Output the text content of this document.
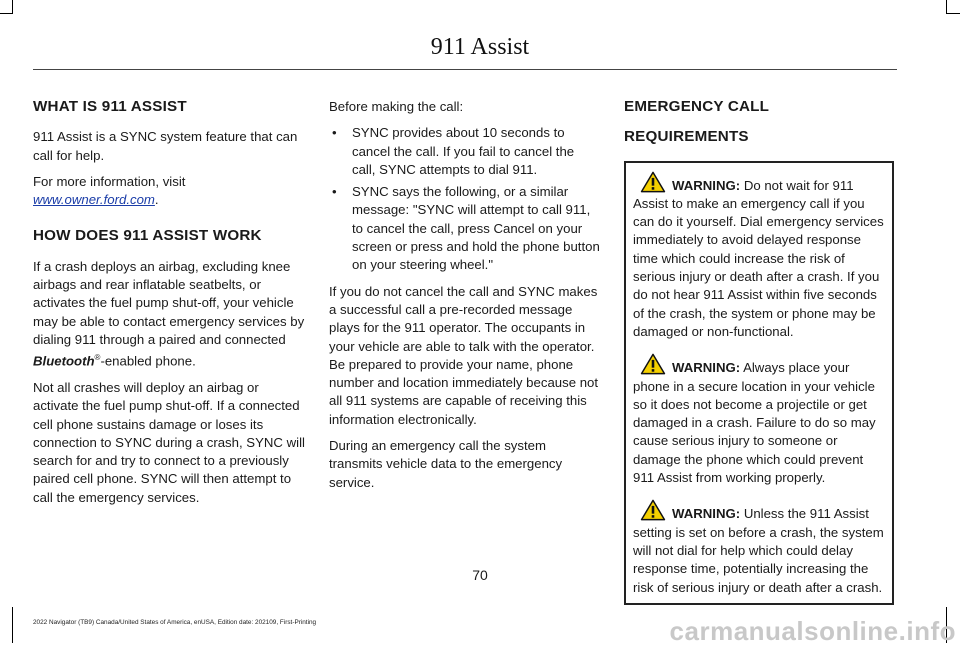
911 Assist
WHAT IS 911 ASSIST

911 Assist is a SYNC system feature that can call for help.

For more information, visit www.owner.ford.com.

HOW DOES 911 ASSIST WORK

If a crash deploys an airbag, excluding knee airbags and rear inflatable seatbelts, or activates the fuel pump shut-off, your vehicle may be able to contact emergency services by dialing 911 through a paired and connected Bluetooth®-enabled phone.

Not all crashes will deploy an airbag or activate the fuel pump shut-off. If a connected cell phone sustains damage or loses its connection to SYNC during a crash, SYNC will search for and try to connect to a previously paired cell phone. SYNC will then attempt to call the emergency services.

Before making the call:

• SYNC provides about 10 seconds to cancel the call. If you fail to cancel the call, SYNC attempts to dial 911.
• SYNC says the following, or a similar message: "SYNC will attempt to call 911, to cancel the call, press Cancel on your screen or press and hold the phone button on your steering wheel."

If you do not cancel the call and SYNC makes a successful call a pre-recorded message plays for the 911 operator. The occupants in your vehicle are able to talk with the operator. Be prepared to provide your name, phone number and location immediately because not all 911 systems are capable of receiving this information electronically.

During an emergency call the system transmits vehicle data to the emergency service.

EMERGENCY CALL
REQUIREMENTS
WARNING: Do not wait for 911 Assist to make an emergency call if you can do it yourself. Dial emergency services immediately to avoid delayed response time which could increase the risk of serious injury or death after a crash. If you do not hear 911 Assist within five seconds of the crash, the system or phone may be damaged or non-functional.
WARNING: Always place your phone in a secure location in your vehicle so it does not become a projectile or get damaged in a crash. Failure to do so may cause serious injury to someone or damage the phone which could prevent 911 Assist from working properly.
WARNING: Unless the 911 Assist setting is set on before a crash, the system will not dial for help which could delay response time, potentially increasing the risk of serious injury or death after a crash.
70
2022 Navigator (TB9) Canada/United States of America, enUSA, Edition date: 202109, First-Printing	carmanualsonline.info
